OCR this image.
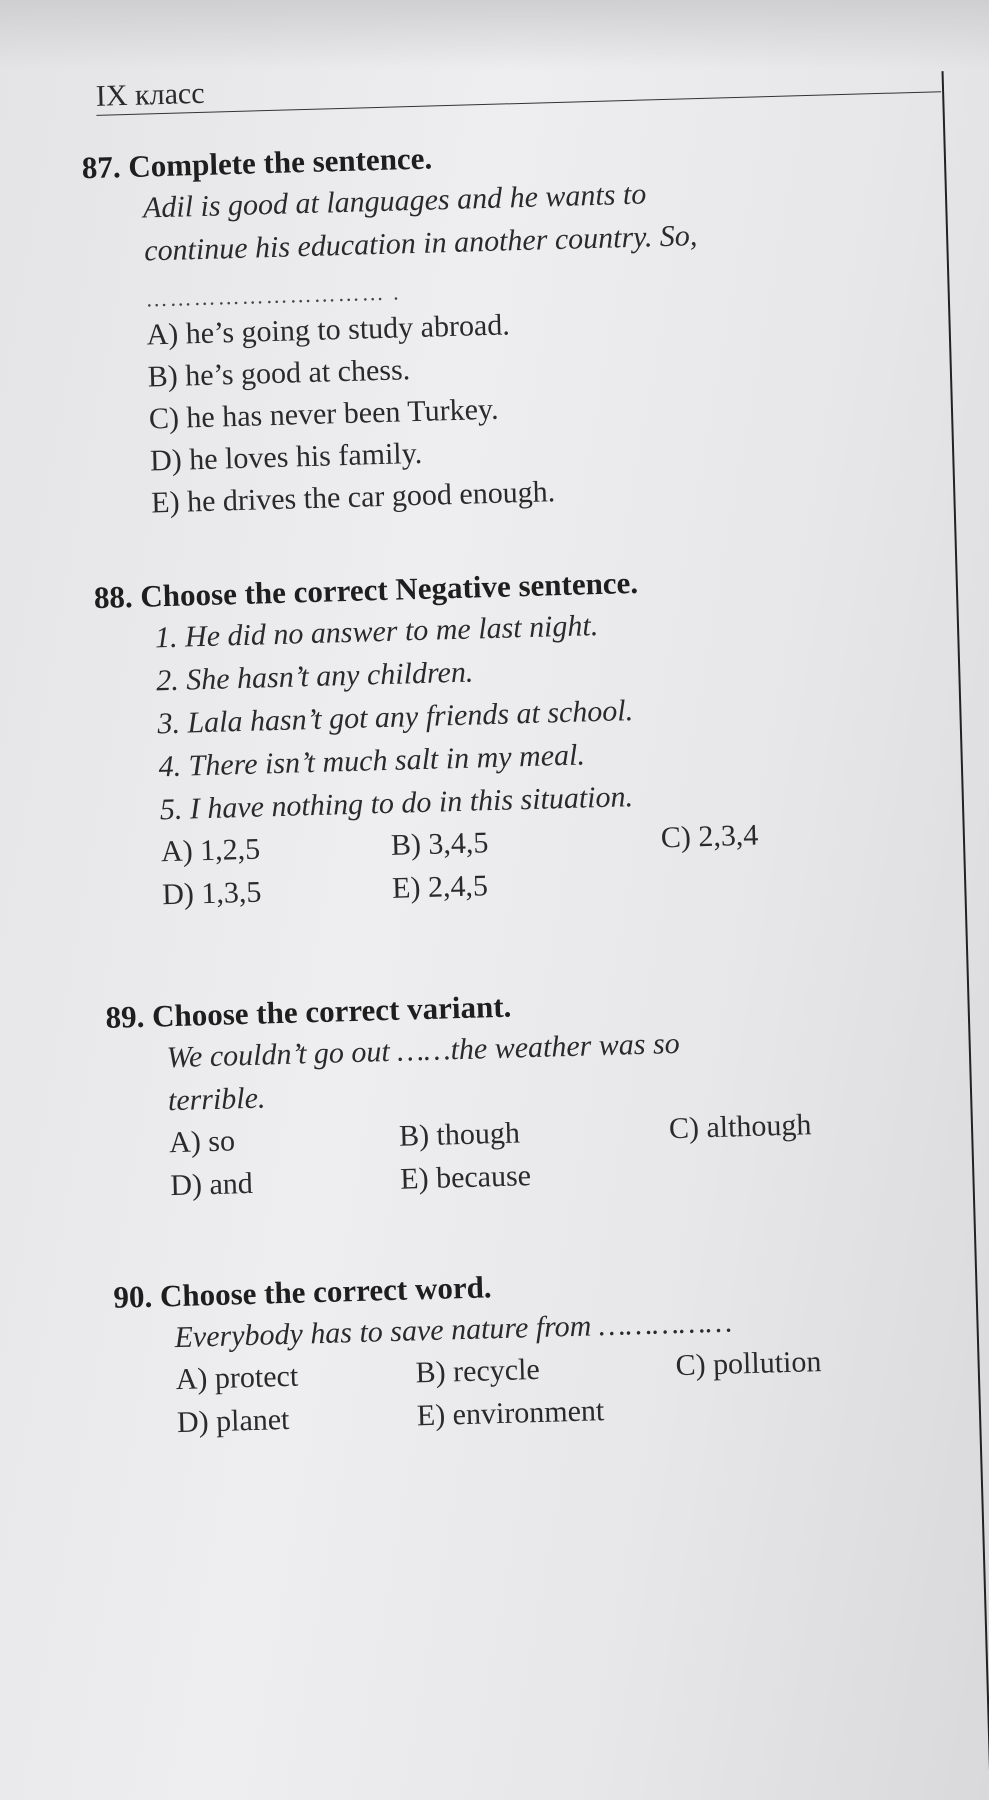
IX класс
87. Complete the sentence.
Adil is good at languages and he wants to
continue his education in another country. So,
………………………… .
A) he’s going to study abroad.
B) he’s good at chess.
C) he has never been Turkey.
D) he loves his family.
E) he drives the car good enough.
88. Choose the correct Negative sentence.
1. He did no answer to me last night.
2. She hasn’t any children.
3. Lala hasn’t got any friends at school.
4. There isn’t much salt in my meal.
5. I have nothing to do in this situation.
A) 1,2,5	B) 3,4,5	C) 2,3,4
D) 1,3,5	E) 2,4,5
89. Choose the correct variant.
We couldn’t go out ……the weather was so
terrible.
A) so	B) though	C) although
D) and	E) because
90. Choose the correct word.
Everybody has to save nature from ……………
A) protect	B) recycle	C) pollution
D) planet	E) environment
